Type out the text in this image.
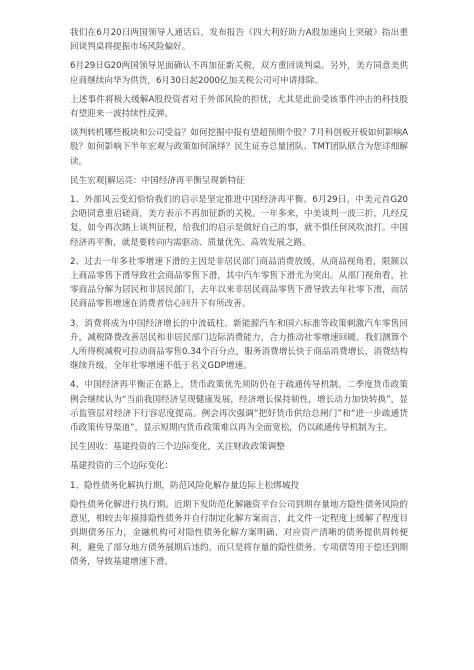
我们在6月20日两国领导人通话后，发布报告《四大利好助力A股加速向上突破》指出重回谈判桌将提振市场风险偏好。

6月29日G20两国领导见面确认不再加征新关税，双方重回谈判桌。另外，美方同意美供应商继续向华为供货，6月30日起2000亿加关税公司可申请排除。

上述事件将极大缓解A股投资者对于外部风险的担忧，尤其是此前受该事件冲击的科技股有望迎来一波持续性反弹。

谈判转机哪些板块和公司受益？如何挖掘中报有望超预期个股？7月科创板开板如何影响A股？如何影响下半年宏观与政策如何演绎？民生证券总量团队、TMT团队联合为您详细解读。

民生宏观|解运亮：中国经济再平衡呈现新特征

1、外部风云变幻恰恰我们的启示是坚定推进中国经济再平衡。6月29日，中美元首G20会晤同意重启磋商，美方表示不再加征新的关税。一年多来，中美谈判一波三折，几经反复，如今再次踏上谈判征程，给我们的启示是做好自己的事，就不惧任何风吹浪打。中国经济再平衡，就是要转向内需驱动、质量优先、高效发展之路。

2、过去一年多社零增速下滑的主因是非居民部门商品消费放缓，从商品视角看，限额以上商品零售下滑导致社会商品零售下滑，其中汽车零售下滑尤为突出。从部门视角看，社零商品分解为居民和非居民部门，去年以来非居民商品零售下滑导致去年社零下滑，而居民商品零售增速在消费者信心回升下有所改善。

3、消费将成为中国经济增长的中流砥柱。新能源汽车和国六标准等政策刺激汽车零售回升，减税降费改善居民和非居民部门边际消费能力，合力推动社零增速回暖。我们测算个人所得税减税可拉动商品零售0.34个百分点，服务消费增长快于商品消费增长，消费结构继续升级，全年社零增速不低于名义GDP增速。

4、中国经济再平衡正在路上，货币政策优先须防仍在于疏通传导机制。二季度货币政策例会继续认为“当前我国经济呈现健康发展，经济增长保持韧性，增长动力加快转换”，显示监管层对经济下行容忍度提高。例会再次强调“把好货币供给总闸门”和“进一步疏通货币政策传导渠道”，显示短期内货币政策难以再为全面宽松，仍以疏通传导机制为主。

民生固收：基建投资的三个边际变化，关注财政政策调整

基建投资的三个边际变化：

1、隐性债务化解执行期，防范风险化解存量边际上松绑城投

隐性债务化解进行执行期。近期下发防范化解融资平台公司到期存量地方隐性债务风险的意见，相较去年摸排隐性债务并自行制定化解方案而言，此文件一定程度上缓解了程度目到期债务压力，金融机构可对隐性债务化解方案明确、对应资产清晰的债务提供周转便利，避免了部分地方债务展期后违约，而只是将存量的隐性债务、专项债等用于偿还到期债务，导致基建增速下滑。
